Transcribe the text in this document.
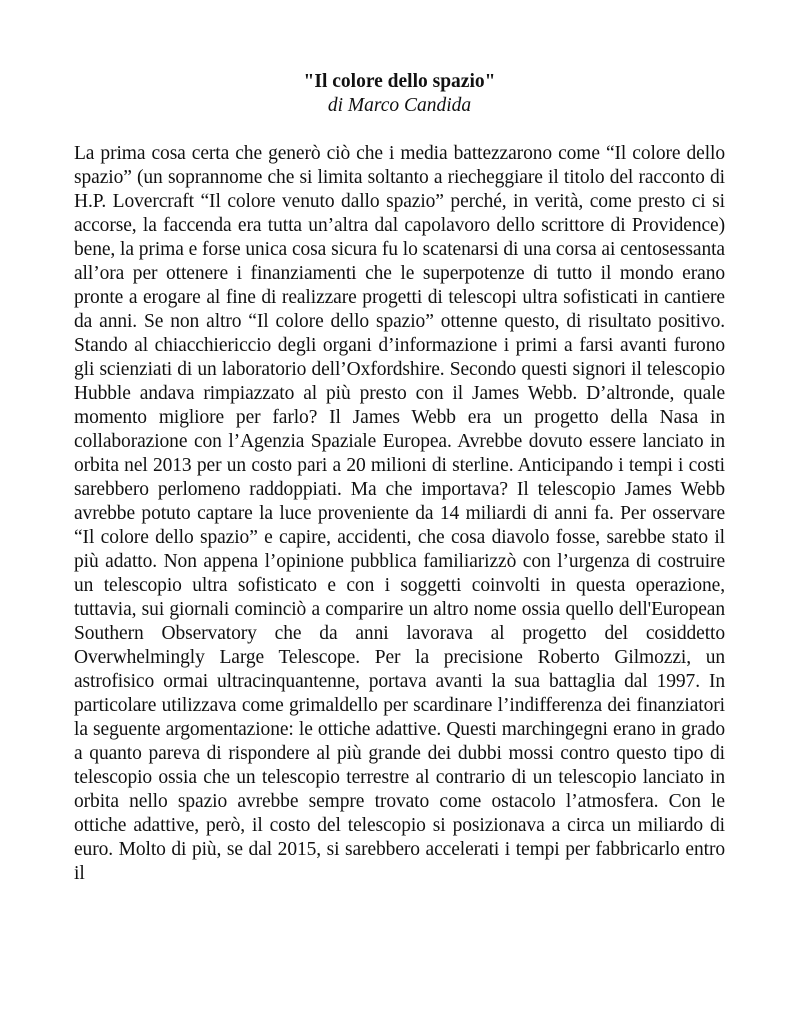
"Il colore dello spazio"

di Marco Candida

La prima cosa certa che generò ciò che i media battezzarono come “Il colore dello spazio” (un soprannome che si limita soltanto a riecheggiare il titolo del racconto di H.P. Lovercraft “Il colore venuto dallo spazio” perché, in verità, come presto ci si accorse, la faccenda era tutta un’altra dal capolavoro dello scrittore di Providence) bene, la prima e forse unica cosa sicura fu lo scatenarsi di una corsa ai centosessanta all’ora per ottenere i finanziamenti che le superpotenze di tutto il mondo erano pronte a erogare al fine di realizzare progetti di telescopi ultra sofisticati in cantiere da anni. Se non altro “Il colore dello spazio” ottenne questo, di risultato positivo. Stando al chiacchiericcio degli organi d’informazione i primi a farsi avanti furono gli scienziati di un laboratorio dell’Oxfordshire. Secondo questi signori il telescopio Hubble andava rimpiazzato al più presto con il James Webb. D’altronde, quale momento migliore per farlo? Il James Webb era un progetto della Nasa in collaborazione con l’Agenzia Spaziale Europea. Avrebbe dovuto essere lanciato in orbita nel 2013 per un costo pari a 20 milioni di sterline. Anticipando i tempi i costi sarebbero perlomeno raddoppiati. Ma che importava? Il telescopio James Webb avrebbe potuto captare la luce proveniente da 14 miliardi di anni fa. Per osservare “Il colore dello spazio” e capire, accidenti, che cosa diavolo fosse, sarebbe stato il più adatto. Non appena l’opinione pubblica familiarizzò con l’urgenza di costruire un telescopio ultra sofisticato e con i soggetti coinvolti in questa operazione, tuttavia, sui giornali cominciò a comparire un altro nome ossia quello dell'European Southern Observatory che da anni lavorava al progetto del cosiddetto Overwhelmingly Large Telescope. Per la precisione Roberto Gilmozzi, un astrofisico ormai ultracinquantenne, portava avanti la sua battaglia dal 1997. In particolare utilizzava come grimaldello per scardinare l’indifferenza dei finanziatori la seguente argomentazione: le ottiche adattive. Questi marchingegni erano in grado a quanto pareva di rispondere al più grande dei dubbi mossi contro questo tipo di telescopio ossia che un telescopio terrestre al contrario di un telescopio lanciato in orbita nello spazio avrebbe sempre trovato come ostacolo l’atmosfera. Con le ottiche adattive, però, il costo del telescopio si posizionava a circa un miliardo di euro. Molto di più, se dal 2015, si sarebbero accelerati i tempi per fabbricarlo entro il
